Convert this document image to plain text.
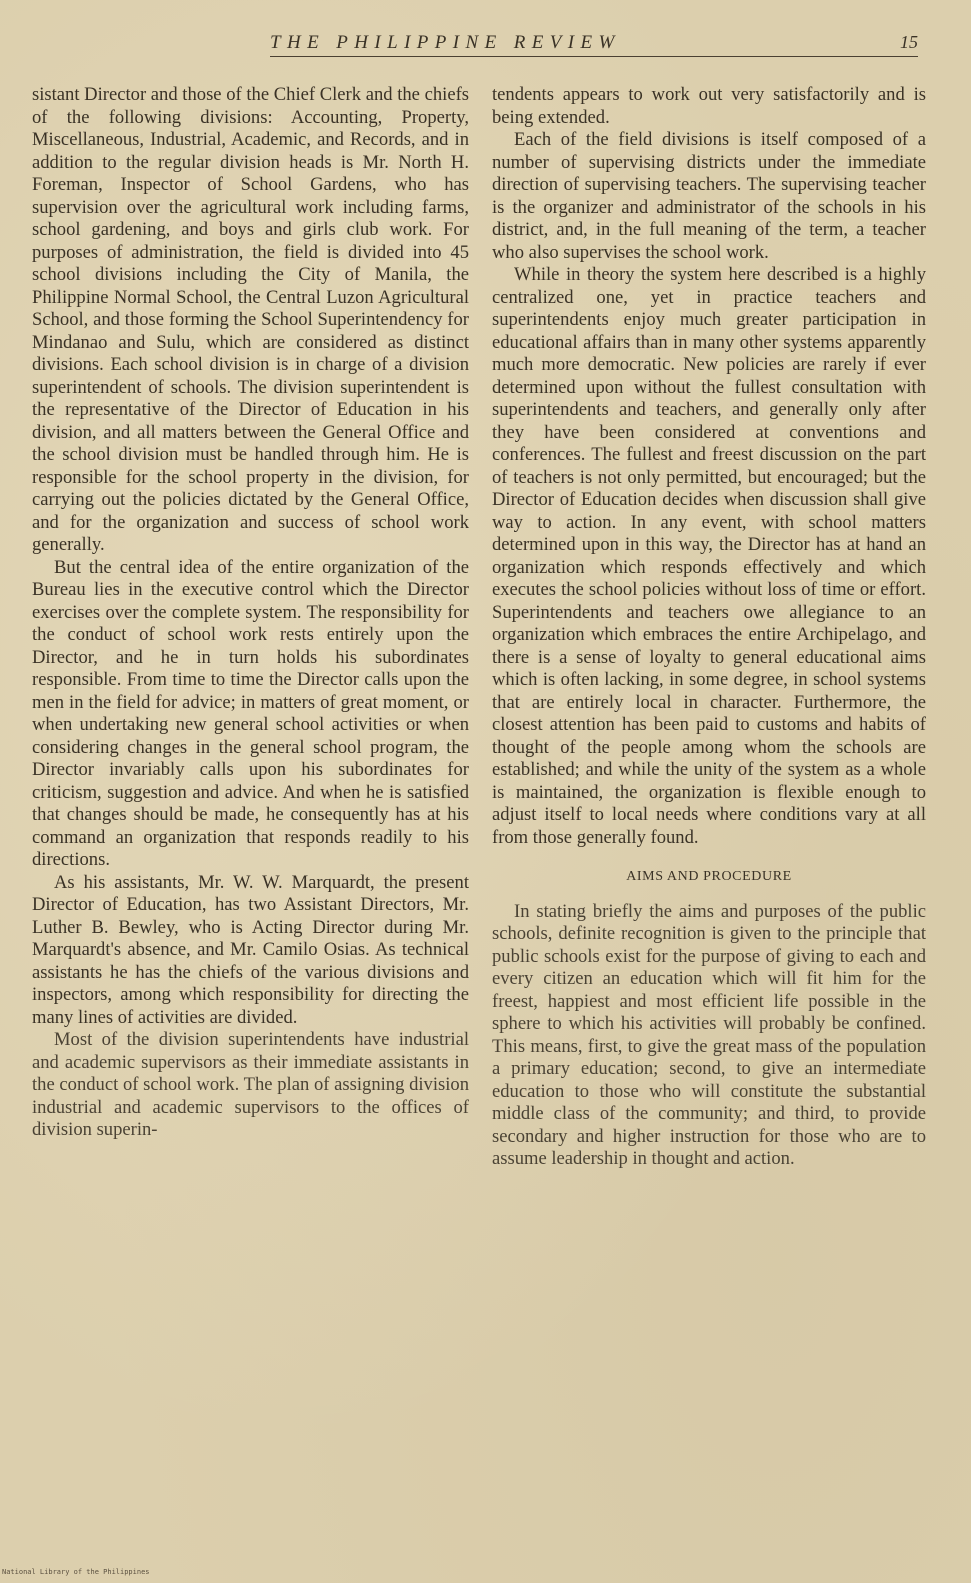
THE PHILIPPINE REVIEW	15

sistant Director and those of the Chief Clerk and the chiefs of the following divisions: Accounting, Property, Miscellaneous, Industrial, Academic, and Records, and in addition to the regular division heads is Mr. North H. Foreman, Inspector of School Gardens, who has supervision over the agricultural work including farms, school gardening, and boys and girls club work. For purposes of administration, the field is divided into 45 school divisions including the City of Manila, the Philippine Normal School, the Central Luzon Agricultural School, and those forming the School Superintendency for Mindanao and Sulu, which are considered as distinct divisions. Each school division is in charge of a division superintendent of schools. The division superintendent is the representative of the Director of Education in his division, and all matters between the General Office and the school division must be handled through him. He is responsible for the school property in the division, for carrying out the policies dictated by the General Office, and for the organization and success of school work generally.

But the central idea of the entire organization of the Bureau lies in the executive control which the Director exercises over the complete system. The responsibility for the conduct of school work rests entirely upon the Director, and he in turn holds his subordinates responsible. From time to time the Director calls upon the men in the field for advice; in matters of great moment, or when undertaking new general school activities or when considering changes in the general school program, the Director invariably calls upon his subordinates for criticism, suggestion and advice. And when he is satisfied that changes should be made, he consequently has at his command an organization that responds readily to his directions.

As his assistants, Mr. W. W. Marquardt, the present Director of Education, has two Assistant Directors, Mr. Luther B. Bewley, who is Acting Director during Mr. Marquardt's absence, and Mr. Camilo Osias. As technical assistants he has the chiefs of the various divisions and inspectors, among which responsibility for directing the many lines of activities are divided.

Most of the division superintendents have industrial and academic supervisors as their immediate assistants in the conduct of school work. The plan of assigning division industrial and academic supervisors to the offices of division superin-

tendents appears to work out very satisfactorily and is being extended.

Each of the field divisions is itself composed of a number of supervising districts under the immediate direction of supervising teachers. The supervising teacher is the organizer and administrator of the schools in his district, and, in the full meaning of the term, a teacher who also supervises the school work.

While in theory the system here described is a highly centralized one, yet in practice teachers and superintendents enjoy much greater participation in educational affairs than in many other systems apparently much more democratic. New policies are rarely if ever determined upon without the fullest consultation with superintendents and teachers, and generally only after they have been considered at conventions and conferences. The fullest and freest discussion on the part of teachers is not only permitted, but encouraged; but the Director of Education decides when discussion shall give way to action. In any event, with school matters determined upon in this way, the Director has at hand an organization which responds effectively and which executes the school policies without loss of time or effort. Superintendents and teachers owe allegiance to an organization which embraces the entire Archipelago, and there is a sense of loyalty to general educational aims which is often lacking, in some degree, in school systems that are entirely local in character. Furthermore, the closest attention has been paid to customs and habits of thought of the people among whom the schools are established; and while the unity of the system as a whole is maintained, the organization is flexible enough to adjust itself to local needs where conditions vary at all from those generally found.

AIMS AND PROCEDURE

In stating briefly the aims and purposes of the public schools, definite recognition is given to the principle that public schools exist for the purpose of giving to each and every citizen an education which will fit him for the freest, happiest and most efficient life possible in the sphere to which his activities will probably be confined. This means, first, to give the great mass of the population a primary education; second, to give an intermediate education to those who will constitute the substantial middle class of the community; and third, to provide secondary and higher instruction for those who are to assume leadership in thought and action.

National Library of the Philippines
